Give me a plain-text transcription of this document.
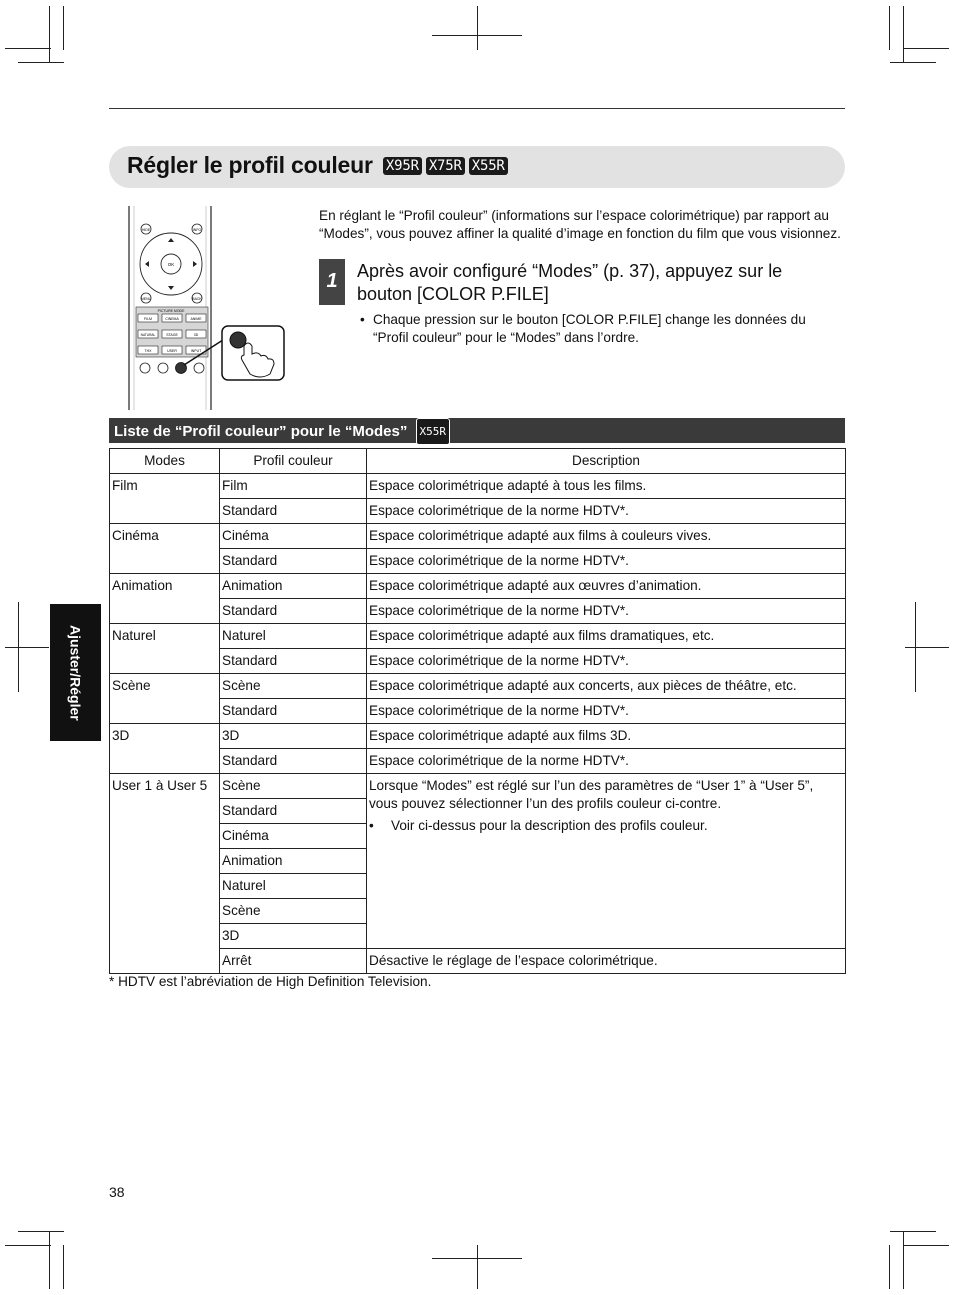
Régler le profil couleur X95R X75R X55R
HIDE	INFO
OK
MENU	BACK
PICTURE MODE
FILM	CINEMA	ANIME
NATURAL	STAGE	3D
THX	USER	INPUT
En réglant le “Profil couleur” (informations sur l’espace colorimétrique) par rapport au “Modes”, vous pouvez affiner la qualité d’image en fonction du film que vous visionnez.
1	Après avoir configuré “Modes” (p. 37), appuyez sur le bouton [COLOR P.FILE]
• Chaque pression sur le bouton [COLOR P.FILE] change les données du “Profil couleur” pour le “Modes” dans l’ordre.
Liste de “Profil couleur” pour le “Modes” X55R
Modes	Profil couleur	Description
Film	Film	Espace colorimétrique adapté à tous les films.
	Standard	Espace colorimétrique de la norme HDTV*.
Cinéma	Cinéma	Espace colorimétrique adapté aux films à couleurs vives.
	Standard	Espace colorimétrique de la norme HDTV*.
Animation	Animation	Espace colorimétrique adapté aux œuvres d’animation.
	Standard	Espace colorimétrique de la norme HDTV*.
Naturel	Naturel	Espace colorimétrique adapté aux films dramatiques, etc.
	Standard	Espace colorimétrique de la norme HDTV*.
Scène	Scène	Espace colorimétrique adapté aux concerts, aux pièces de théâtre, etc.
	Standard	Espace colorimétrique de la norme HDTV*.
3D	3D	Espace colorimétrique adapté aux films 3D.
	Standard	Espace colorimétrique de la norme HDTV*.
User 1 à User 5	Scène	Lorsque “Modes” est réglé sur l’un des paramètres de “User 1” à “User 5”, vous pouvez sélectionner l’un des profils couleur ci-contre.
• Voir ci-dessus pour la description des profils couleur.

	Standard	
	Cinéma	
	Animation	
	Naturel	
	Scène	
	3D	
	Arrêt	Désactive le réglage de l’espace colorimétrique.
* HDTV est l’abréviation de High Definition Television.
Ajuster/Régler
38
